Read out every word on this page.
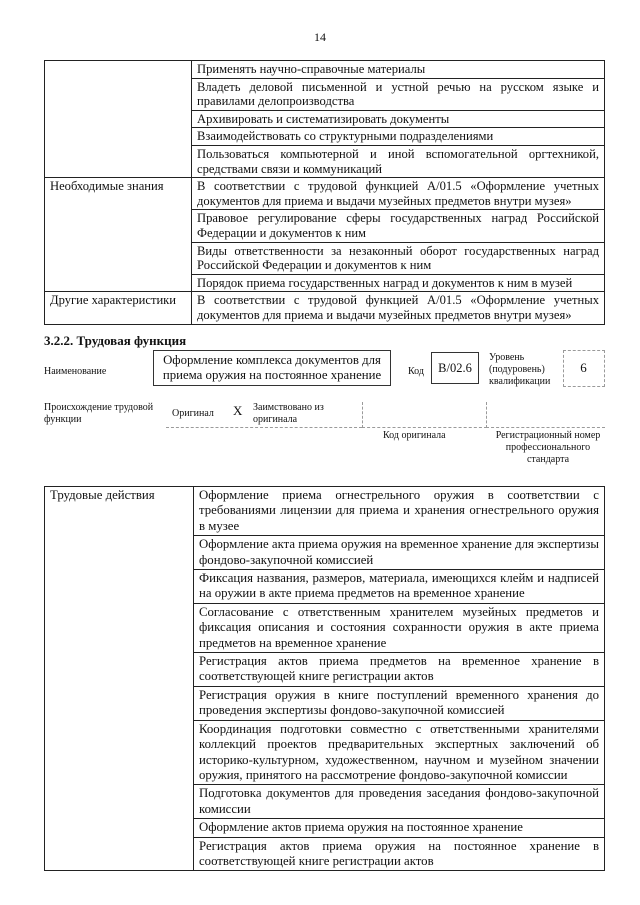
14
	Применять научно-справочные материалы
	Владеть деловой письменной и устной речью на русском языке и правилами делопроизводства
	Архивировать и систематизировать документы
	Взаимодействовать со структурными подразделениями
	Пользоваться компьютерной и иной вспомогательной оргтехникой, средствами связи и коммуникаций
Необходимые знания	В соответствии с трудовой функцией А/01.5 «Оформление учетных документов для приема и выдачи музейных предметов внутри музея»
	Правовое регулирование сферы государственных наград Российской Федерации и документов к ним
	Виды ответственности за незаконный оборот государственных наград Российской Федерации и документов к ним
	Порядок приема государственных наград и документов к ним в музей
Другие характеристики	В соответствии с трудовой функцией А/01.5 «Оформление учетных документов для приема и выдачи музейных предметов внутри музея»
3.2.2. Трудовая функция
Наименование
Оформление комплекса документов для приема оружия на постоянное хранение	Код	B/02.6
Уровень (подуровень) квалификации
6
Происхождение трудовой функции
Оригинал X Заимствовано из оригинала
Код оригинала	Регистрационный номер профессионального стандарта
Трудовые действия	Оформление приема огнестрельного оружия в соответствии с требованиями лицензии для приема и хранения огнестрельного оружия в музее
Оформление акта приема оружия на временное хранение для экспертизы фондово-закупочной комиссией
Фиксация названия, размеров, материала, имеющихся клейм и надписей на оружии в акте приема предметов на временное хранение
Согласование с ответственным хранителем музейных предметов и фиксация описания и состояния сохранности оружия в акте приема предметов на временное хранение
Регистрация актов приема предметов на временное хранение в соответствующей книге регистрации актов
Регистрация оружия в книге поступлений временного хранения до проведения экспертизы фондово-закупочной комиссией
Координация подготовки совместно с ответственными хранителями коллекций проектов предварительных экспертных заключений об историко-культурном, художественном, научном и музейном значении оружия, принятого на рассмотрение фондово-закупочной комиссии
Подготовка документов для проведения заседания фондово-закупочной комиссии
Оформление актов приема оружия на постоянное хранение
Регистрация актов приема оружия на постоянное хранение в соответствующей книге регистрации актов
